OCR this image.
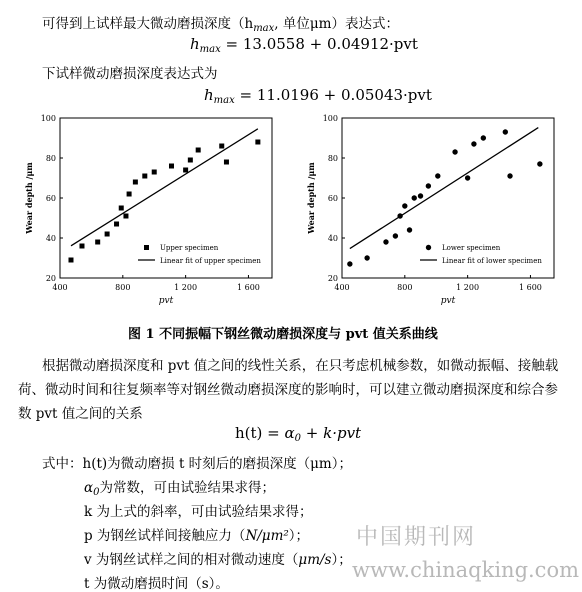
可得到上试样最大微动磨损深度（$h_{max}$, 单位μm）表达式：
$h_{max} = 13.0558 + 0.04912\cdot pvt$
下试样微动磨损深度表达式为
$h_{max} = 11.0196 + 0.05043\cdot pvt$
400	800	1 200	1 600
20
40
60
80
100
pvt
Wear depth /μm
Upper specimen
Linear fit of upper specimen
400	800	1 200	1 600
20
40
60
80
100
pvt
Wear depth /μm
Lower specimen
Linear fit of lower specimen
图 1 不同振幅下钢丝微动磨损深度与 pvt 值关系曲线
根据微动磨损深度和 pvt 值之间的线性关系，在只考虑机械参数，如微动振幅、接触载
荷、微动时间和往复频率等对钢丝微动磨损深度的影响时，可以建立微动磨损深度和综合参
数 pvt 值之间的关系
$h(t) = \alpha_0 + k\cdot pvt$
式中：h(t)为微动磨损 t 时刻后的磨损深度（μm）；
$\alpha_0$为常数，可由试验结果求得；
k 为上式的斜率，可由试验结果求得；
p 为钢丝试样间接触应力（N/μm²）；
v 为钢丝试样之间的相对微动速度（μm/s）；
t 为微动磨损时间（s）。
中国期刊网
www.chinaqking.com
